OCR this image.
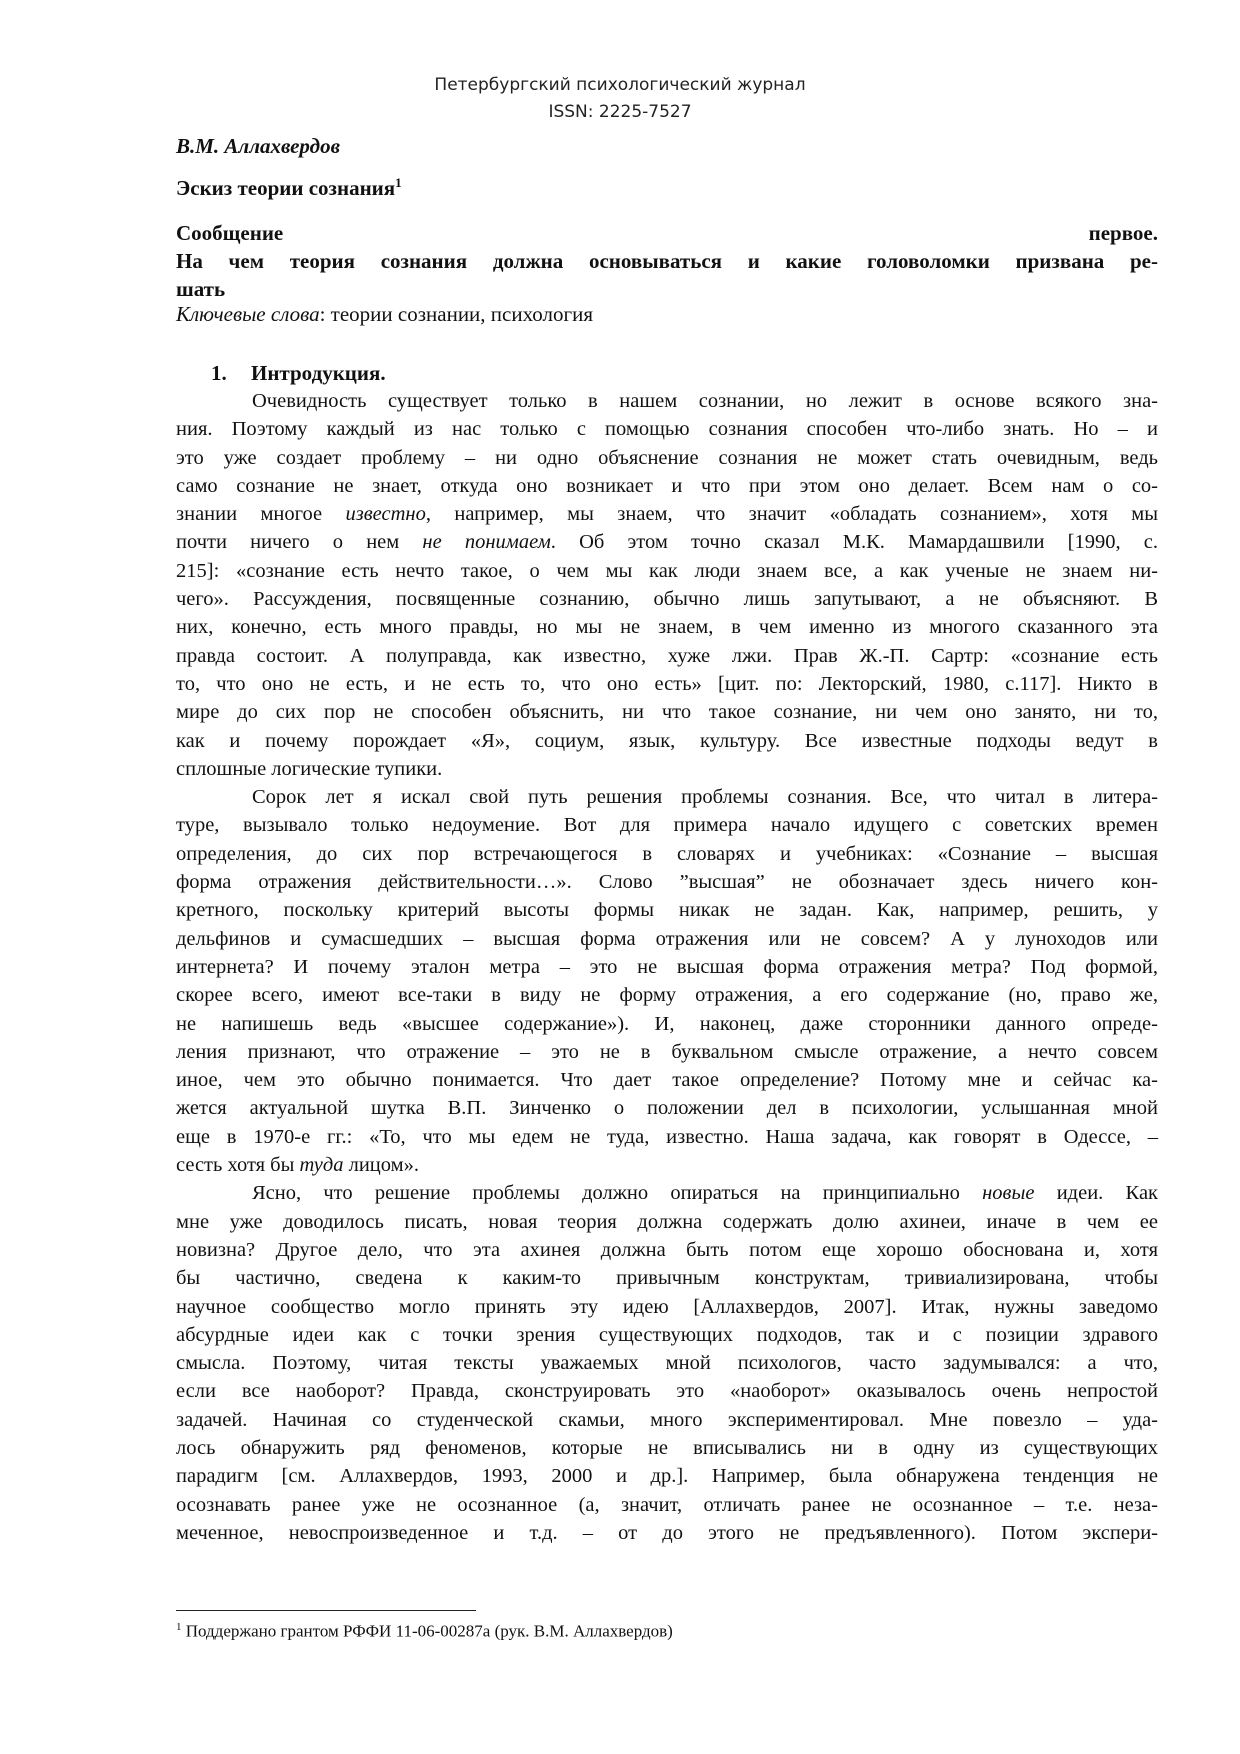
Петербургский психологический журнал
ISSN: 2225-7527
В.М. Аллахвердов
Эскиз теории сознания$^1$
Сообщение первое.
На чем теория сознания должна основываться и какие головоломки призвана ре-
шать
Ключевые слова: теории сознании, психология
1. Интродукция.
Очевидность существует только в нашем сознании, но лежит в основе всякого зна-
ния. Поэтому каждый из нас только с помощью сознания способен что-либо знать. Но – и
это уже создает проблему – ни одно объяснение сознания не может стать очевидным, ведь
само сознание не знает, откуда оно возникает и что при этом оно делает. Всем нам о со-
знании многое известно, например, мы знаем, что значит «обладать сознанием», хотя мы
почти ничего о нем не понимаем. Об этом точно сказал М.К. Мамардашвили [1990, с.
215]: «сознание есть нечто такое, о чем мы как люди знаем все, а как ученые не знаем ни-
чего». Рассуждения, посвященные сознанию, обычно лишь запутывают, а не объясняют. В
них, конечно, есть много правды, но мы не знаем, в чем именно из многого сказанного эта
правда состоит. А полуправда, как известно, хуже лжи. Прав Ж.-П. Сартр: «сознание есть
то, что оно не есть, и не есть то, что оно есть» [цит. по: Лекторский, 1980, с.117]. Никто в
мире до сих пор не способен объяснить, ни что такое сознание, ни чем оно занято, ни то,
как и почему порождает «Я», социум, язык, культуру. Все известные подходы ведут в
сплошные логические тупики.
Сорок лет я искал свой путь решения проблемы сознания. Все, что читал в литера-
туре, вызывало только недоумение. Вот для примера начало идущего с советских времен
определения, до сих пор встречающегося в словарях и учебниках: «Сознание – высшая
форма отражения действительности…». Слово ”высшая” не обозначает здесь ничего кон-
кретного, поскольку критерий высоты формы никак не задан. Как, например, решить, у
дельфинов и сумасшедших – высшая форма отражения или не совсем? А у луноходов или
интернета? И почему эталон метра – это не высшая форма отражения метра? Под формой,
скорее всего, имеют все-таки в виду не форму отражения, а его содержание (но, право же,
не напишешь ведь «высшее содержание»). И, наконец, даже сторонники данного опреде-
ления признают, что отражение – это не в буквальном смысле отражение, а нечто совсем
иное, чем это обычно понимается. Что дает такое определение? Потому мне и сейчас ка-
жется актуальной шутка В.П. Зинченко о положении дел в психологии, услышанная мной
еще в 1970-е гг.: «То, что мы едем не туда, известно. Наша задача, как говорят в Одессе, –
сесть хотя бы туда лицом».
Ясно, что решение проблемы должно опираться на принципиально новые идеи. Как
мне уже доводилось писать, новая теория должна содержать долю ахинеи, иначе в чем ее
новизна? Другое дело, что эта ахинея должна быть потом еще хорошо обоснована и, хотя
бы частично, сведена к каким-то привычным конструктам, тривиализирована, чтобы
научное сообщество могло принять эту идею [Аллахвердов, 2007]. Итак, нужны заведомо
абсурдные идеи как с точки зрения существующих подходов, так и с позиции здравого
смысла. Поэтому, читая тексты уважаемых мной психологов, часто задумывался: а что,
если все наоборот? Правда, сконструировать это «наоборот» оказывалось очень непростой
задачей. Начиная со студенческой скамьи, много экспериментировал. Мне повезло – уда-
лось обнаружить ряд феноменов, которые не вписывались ни в одну из существующих
парадигм [см. Аллахвердов, 1993, 2000 и др.]. Например, была обнаружена тенденция не
осознавать ранее уже не осознанное (а, значит, отличать ранее не осознанное – т.е. неза-
меченное, невоспроизведенное и т.д. – от до этого не предъявленного). Потом экспери-
$^1$ Поддержано грантом РФФИ 11-06-00287а (рук. В.М. Аллахвердов)
